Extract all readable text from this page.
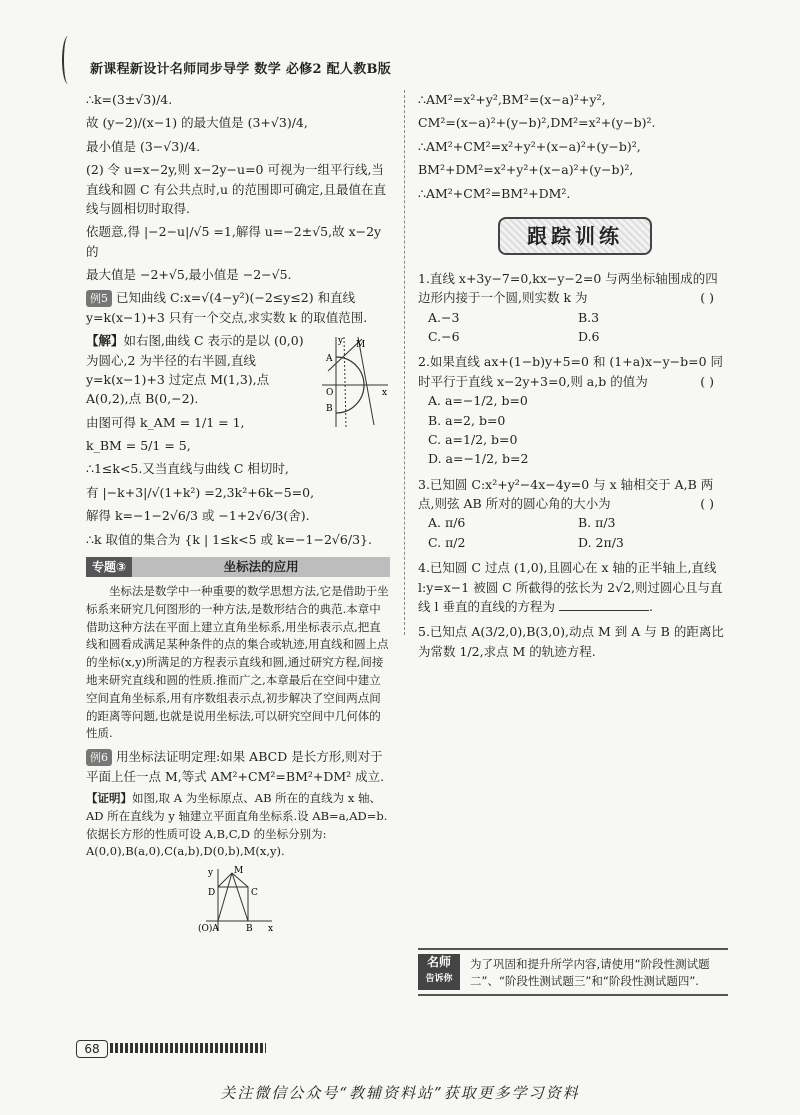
新课程新设计名师同步导学 数学 必修2 配人教B版

∴k=(3±√3)/4.

故 (y−2)/(x−1) 的最大值是 (3+√3)/4,

最小值是 (3−√3)/4.

(2) 令 u=x−2y,则 x−2y−u=0 可视为一组平行线,当直线和圆 C 有公共点时,u 的范围即可确定,且最值在直线与圆相切时取得.

依题意,得 |−2−u|/√5 =1,解得 u=−2±√5,故 x−2y 的

最大值是 −2+√5,最小值是 −2−√5.

例5 已知曲线 C:x=√(4−y²)(−2≤y≤2) 和直线 y=k(x−1)+3 只有一个交点,求实数 k 的取值范围.

y
x
A
B
M
O

【解】如右图,曲线 C 表示的是以 (0,0) 为圆心,2 为半径的右半圆,直线 y=k(x−1)+3 过定点 M(1,3),点 A(0,2),点 B(0,−2).

由图可得 k_AM = 1/1 = 1,

k_BM = 5/1 = 5,

∴1≤k<5.又当直线与曲线 C 相切时,

有 |−k+3|/√(1+k²) =2,3k²+6k−5=0,

解得 k=−1−2√6/3 或 −1+2√6/3(舍).

∴k 取值的集合为 {k | 1≤k<5 或 k=−1−2√6/3}.

专题③	坐标法的应用

坐标法是数学中一种重要的数学思想方法,它是借助于坐标系来研究几何图形的一种方法,是数形结合的典范.本章中借助这种方法在平面上建立直角坐标系,用坐标表示点,把直线和圆看成满足某种条件的点的集合或轨迹,用直线和圆上点的坐标(x,y)所满足的方程表示直线和圆,通过研究方程,间接地来研究直线和圆的性质.推而广之,本章最后在空间中建立空间直角坐标系,用有序数组表示点,初步解决了空间两点间的距离等问题,也就是说用坐标法,可以研究空间中几何体的性质.

例6 用坐标法证明定理:如果 ABCD 是长方形,则对于平面上任一点 M,等式 AM²+CM²=BM²+DM² 成立.

【证明】如图,取 A 为坐标原点、AB 所在的直线为 x 轴、AD 所在直线为 y 轴建立平面直角坐标系.设 AB=a,AD=b.依据长方形的性质可设 A,B,C,D 的坐标分别为: A(0,0),B(a,0),C(a,b),D(0,b),M(x,y).

y
x
D	C
M
(O)A	B

∴AM²=x²+y²,BM²=(x−a)²+y²,

CM²=(x−a)²+(y−b)²,DM²=x²+(y−b)².

∴AM²+CM²=x²+y²+(x−a)²+(y−b)²,

BM²+DM²=x²+y²+(x−a)²+(y−b)²,

∴AM²+CM²=BM²+DM².

跟踪训练
1.直线 x+3y−7=0,kx−y−2=0 与两坐标轴围成的四边形内接于一个圆,则实数 k 为	( )
A.−3	B.3
C.−6	D.6
2.如果直线 ax+(1−b)y+5=0 和 (1+a)x−y−b=0 同时平行于直线 x−2y+3=0,则 a,b 的值为	( )
A. a=−1/2, b=0
B. a=2, b=0
C. a=1/2, b=0
D. a=−1/2, b=2
3.已知圆 C:x²+y²−4x−4y=0 与 x 轴相交于 A,B 两点,则弦 AB 所对的圆心角的大小为	( )
A. π/6	B. π/3
C. π/2	D. 2π/3
4.已知圆 C 过点 (1,0),且圆心在 x 轴的正半轴上,直线 l:y=x−1 被圆 C 所截得的弦长为 2√2,则过圆心且与直线 l 垂直的直线的方程为	.
5.已知点 A(3/2,0),B(3,0),动点 M 到 A 与 B 的距离比为常数 1/2,求点 M 的轨迹方程.
名师
告诉你
为了巩固和提升所学内容,请使用“阶段性测试题二”、“阶段性测试题三”和“阶段性测试题四”.
68
关注微信公众号“教辅资料站”获取更多学习资料
